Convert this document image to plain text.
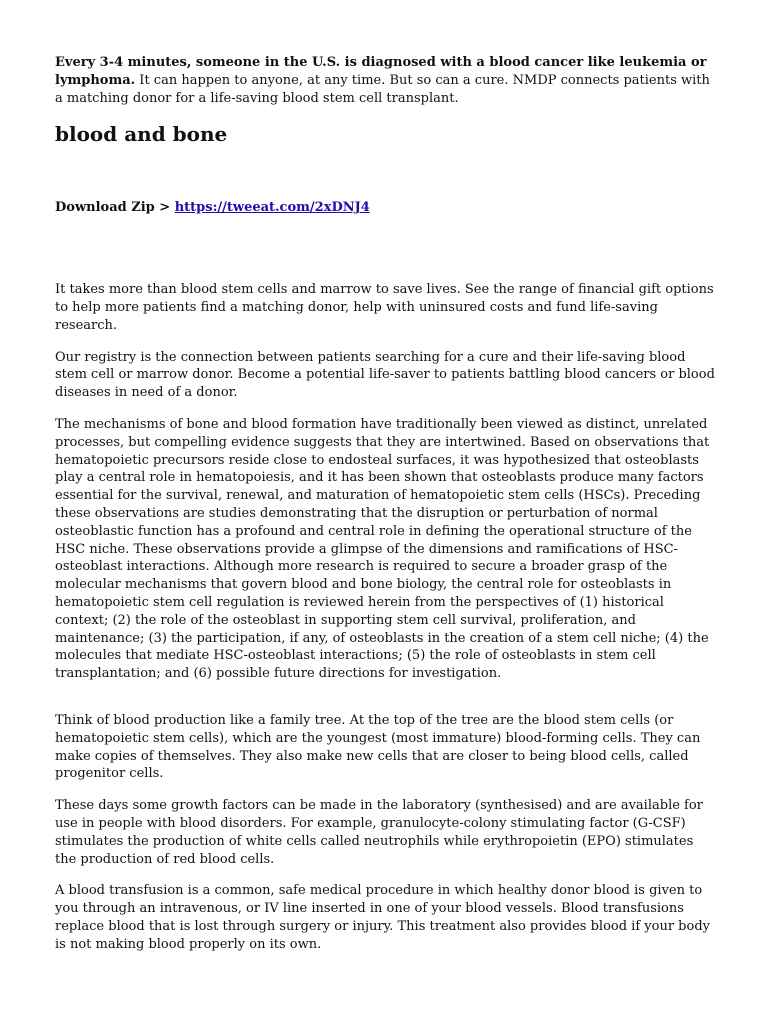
Every 3-4 minutes, someone in the U.S. is diagnosed with a blood cancer like leukemia or lymphoma. It can happen to anyone, at any time. But so can a cure. NMDP connects patients with a matching donor for a life-saving blood stem cell transplant.

blood and bone

Download Zip > https://tweeat.com/2xDNJ4

It takes more than blood stem cells and marrow to save lives. See the range of financial gift options to help more patients find a matching donor, help with uninsured costs and fund life-saving research.

Our registry is the connection between patients searching for a cure and their life-saving blood stem cell or marrow donor. Become a potential life-saver to patients battling blood cancers or blood diseases in need of a donor.

The mechanisms of bone and blood formation have traditionally been viewed as distinct, unrelated processes, but compelling evidence suggests that they are intertwined. Based on observations that hematopoietic precursors reside close to endosteal surfaces, it was hypothesized that osteoblasts play a central role in hematopoiesis, and it has been shown that osteoblasts produce many factors essential for the survival, renewal, and maturation of hematopoietic stem cells (HSCs). Preceding these observations are studies demonstrating that the disruption or perturbation of normal osteoblastic function has a profound and central role in defining the operational structure of the HSC niche. These observations provide a glimpse of the dimensions and ramifications of HSC-osteoblast interactions. Although more research is required to secure a broader grasp of the molecular mechanisms that govern blood and bone biology, the central role for osteoblasts in hematopoietic stem cell regulation is reviewed herein from the perspectives of (1) historical context; (2) the role of the osteoblast in supporting stem cell survival, proliferation, and maintenance; (3) the participation, if any, of osteoblasts in the creation of a stem cell niche; (4) the molecules that mediate HSC-osteoblast interactions; (5) the role of osteoblasts in stem cell transplantation; and (6) possible future directions for investigation.

Think of blood production like a family tree. At the top of the tree are the blood stem cells (or hematopoietic stem cells), which are the youngest (most immature) blood-forming cells. They can make copies of themselves. They also make new cells that are closer to being blood cells, called progenitor cells.

These days some growth factors can be made in the laboratory (synthesised) and are available for use in people with blood disorders. For example, granulocyte-colony stimulating factor (G-CSF) stimulates the production of white cells called neutrophils while erythropoietin (EPO) stimulates the production of red blood cells.

A blood transfusion is a common, safe medical procedure in which healthy donor blood is given to you through an intravenous, or IV line inserted in one of your blood vessels. Blood transfusions replace blood that is lost through surgery or injury. This treatment also provides blood if your body is not making blood properly on its own.
